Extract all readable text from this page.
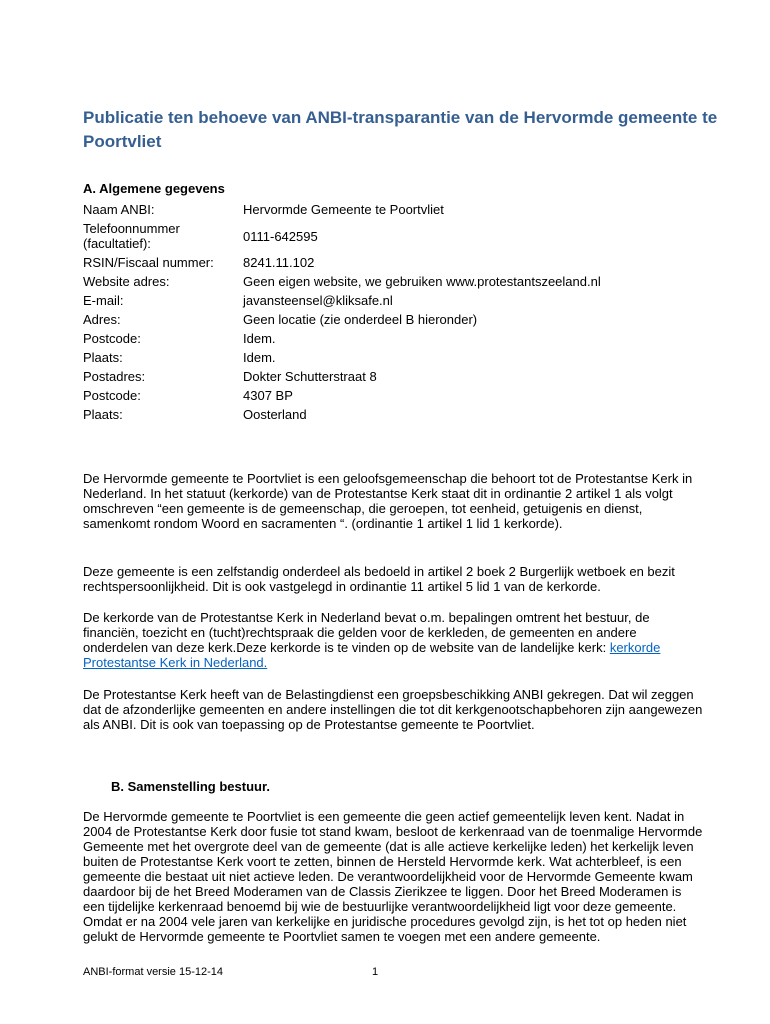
Publicatie ten behoeve van ANBI-transparantie van de Hervormde gemeente te Poortvliet
A. Algemene gegevens
Naam ANBI:	Hervormde Gemeente te Poortvliet
Telefoonnummer (facultatief):	0111-642595
RSIN/Fiscaal nummer:	8241.11.102
Website adres:	Geen eigen website, we gebruiken www.protestantszeeland.nl
E-mail:	javansteensel@kliksafe.nl
Adres:	Geen locatie (zie onderdeel B hieronder)
Postcode:	Idem.
Plaats:	Idem.
Postadres:	Dokter Schutterstraat 8
Postcode:	4307 BP
Plaats:	Oosterland

De Hervormde gemeente te Poortvliet is een geloofsgemeenschap die behoort tot de Protestantse Kerk in Nederland. In het statuut (kerkorde) van de Protestantse Kerk staat dit in ordinantie 2 artikel 1 als volgt omschreven “een gemeente is de gemeenschap, die geroepen, tot eenheid, getuigenis en dienst, samenkomt rondom Woord en sacramenten “. (ordinantie 1 artikel 1 lid 1 kerkorde).

Deze gemeente is een zelfstandig onderdeel als bedoeld in artikel 2 boek 2 Burgerlijk wetboek en bezit rechtspersoonlijkheid. Dit is ook vastgelegd in ordinantie 11 artikel 5 lid 1 van de kerkorde.

De kerkorde van de Protestantse Kerk in Nederland bevat o.m. bepalingen omtrent het bestuur, de financiën, toezicht en (tucht)rechtspraak die gelden voor de kerkleden, de gemeenten en andere onderdelen van deze kerk.Deze kerkorde is te vinden op de website van de landelijke kerk: kerkorde Protestantse Kerk in Nederland.

De Protestantse Kerk heeft van de Belastingdienst een groepsbeschikking ANBI gekregen. Dat wil zeggen dat de afzonderlijke gemeenten en andere instellingen die tot dit kerkgenootschapbehoren zijn aangewezen als ANBI. Dit is ook van toepassing op de Protestantse gemeente te Poortvliet.

B. Samenstelling bestuur.

De Hervormde gemeente te Poortvliet is een gemeente die geen actief gemeentelijk leven kent. Nadat in 2004 de Protestantse Kerk door fusie tot stand kwam, besloot de kerkenraad van de toenmalige Hervormde Gemeente met het overgrote deel van de gemeente (dat is alle actieve kerkelijke leden) het kerkelijk leven buiten de Protestantse Kerk voort te zetten, binnen de Hersteld Hervormde kerk. Wat achterbleef, is een gemeente die bestaat uit niet actieve leden. De verantwoordelijkheid voor de Hervormde Gemeente kwam daardoor bij de het Breed Moderamen van de Classis Zierikzee te liggen. Door het Breed Moderamen is een tijdelijke kerkenraad benoemd bij wie de bestuurlijke verantwoordelijkheid ligt voor deze gemeente. Omdat er na 2004 vele jaren van kerkelijke en juridische procedures gevolgd zijn, is het tot op heden niet gelukt de Hervormde gemeente te Poortvliet samen te voegen met een andere gemeente.

ANBI-format versie 15-12-14	1
